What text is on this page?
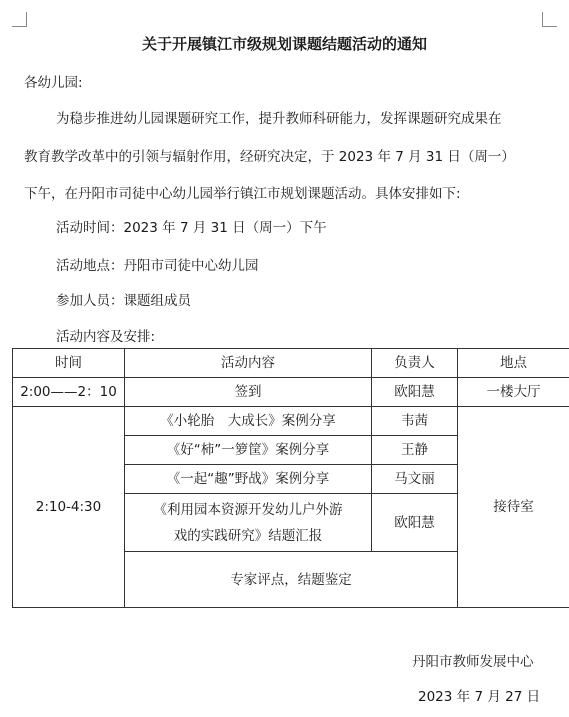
关于开展镇江市级规划课题结题活动的通知
各幼儿园:
为稳步推进幼儿园课题研究工作，提升教师科研能力，发挥课题研究成果在
教育教学改革中的引领与辐射作用，经研究决定，于 2023 年 7 月 31 日（周一）
下午，在丹阳市司徒中心幼儿园举行镇江市规划课题活动。具体安排如下:
活动时间：2023 年 7 月 31 日（周一）下午
活动地点：丹阳市司徒中心幼儿园
参加人员：课题组成员
活动内容及安排:
时间	活动内容	负责人	地点
2:00——2：10	签到	欧阳慧	一楼大厅
2:10-4:30	《小轮胎　大成长》案例分享	韦茜	接待室
	《好“柿”一箩筐》案例分享	王静	
	《一起“趣”野战》案例分享	马文丽	

	《利用园本资源开发幼儿户外游
戏的实践研究》结题汇报	欧阳慧	
	专家评点，结题鉴定		
丹阳市教师发展中心
2023 年 7 月 27 日
